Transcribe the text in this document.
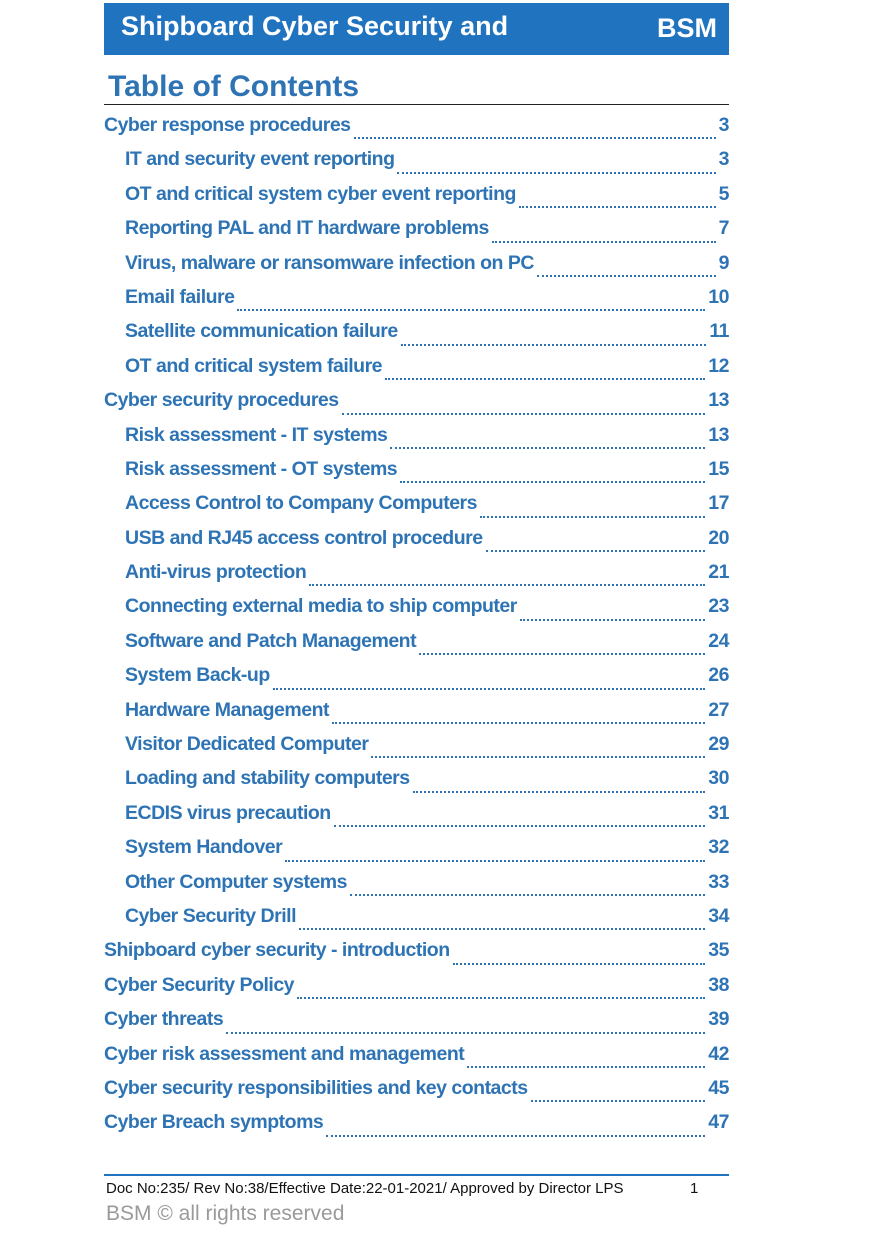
Shipboard Cyber Security and	BSM
Table of Contents
Cyber response procedures	3
IT and security event reporting	3
OT and critical system cyber event reporting	5
Reporting PAL and IT hardware problems	7
Virus, malware or ransomware infection on PC	9
Email failure	10
Satellite communication failure	11
OT and critical system failure	12
Cyber security procedures	13
Risk assessment - IT systems	13
Risk assessment - OT systems	15
Access Control to Company Computers	17
USB and RJ45 access control procedure	20
Anti-virus protection	21
Connecting external media to ship computer	23
Software and Patch Management	24
System Back-up	26
Hardware Management	27
Visitor Dedicated Computer	29
Loading and stability computers	30
ECDIS virus precaution	31
System Handover	32
Other Computer systems	33
Cyber Security Drill	34
Shipboard cyber security - introduction	35
Cyber Security Policy	38
Cyber threats	39
Cyber risk assessment and management	42
Cyber security responsibilities and key contacts	45
Cyber Breach symptoms	47
Doc No:235/ Rev No:38/Effective Date:22-01-2021/ Approved by Director LPS	1
BSM © all rights reserved
